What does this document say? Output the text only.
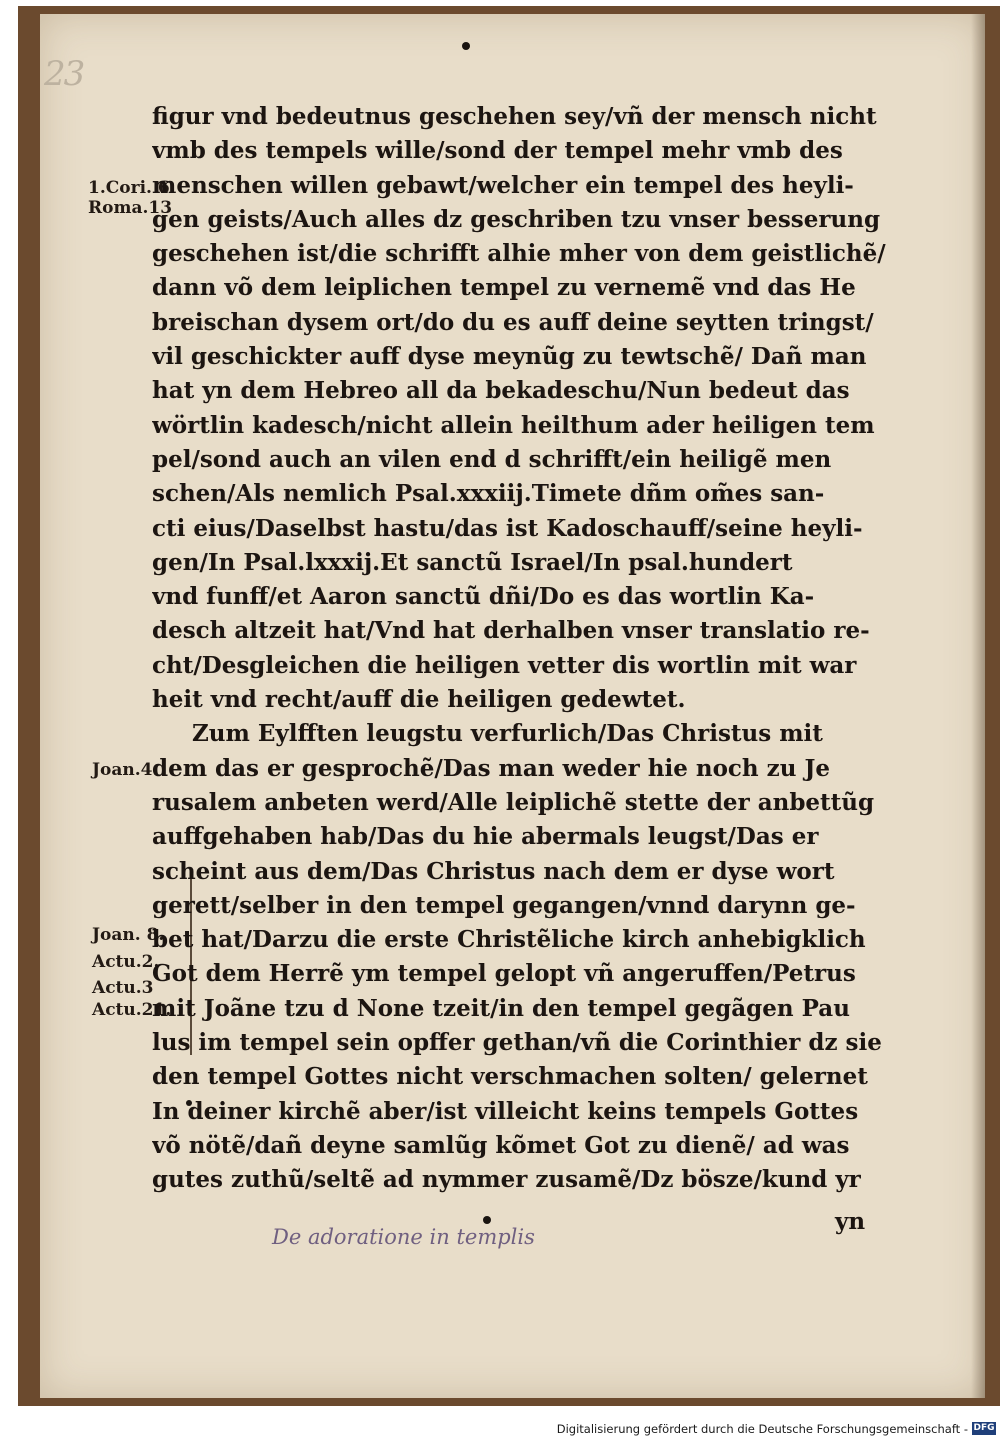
23
1.Cori. 6
Roma.13
Joan.4.
Joan. 8.
Actu.2.
Actu.3
Actu.21.
figur vnd bedeutnus geschehen sey/vñ der mensch nicht
vmb des tempels wille/sond der tempel mehr vmb des
menschen willen gebawt/welcher ein tempel des heyli-
gen geists/Auch alles dz geschriben tzu vnser besserung
geschehen ist/die schrifft alhie mher von dem geistlichẽ/
dann võ dem leiplichen tempel zu vernemẽ vnd das He
breischan dysem ort/do du es auff deine seytten tringst/
vil geschickter auff dyse meynũg zu tewtschẽ/ Dañ man
hat yn dem Hebreo all da bekadeschu/Nun bedeut das
wörtlin kadesch/nicht allein heilthum ader heiligen tem
pel/sond auch an vilen end d schrifft/ein heiligẽ men
schen/Als nemlich Psal.xxxiij.Timete dñm om̃es san-
cti eius/Daselbst hastu/das ist Kadoschauff/seine heyli-
gen/In Psal.lxxxij.Et sanctũ Israel/In psal.hundert
vnd funff/et Aaron sanctũ dñi/Do es das wortlin Ka-
desch altzeit hat/Vnd hat derhalben vnser translatio re-
cht/Desgleichen die heiligen vetter dis wortlin mit war
heit vnd recht/auff die heiligen gedewtet.
Zum Eylfften leugstu verfurlich/Das Christus mit
dem das er gesprochẽ/Das man weder hie noch zu Je
rusalem anbeten werd/Alle leiplichẽ stette der anbettũg
auffgehaben hab/Das du hie abermals leugst/Das er
scheint aus dem/Das Christus nach dem er dyse wort
gerett/selber in den tempel gegangen/vnnd darynn ge-
bet hat/Darzu die erste Christẽliche kirch anhebigklich
Got dem Herrẽ ym tempel gelopt vñ angeruffen/Petrus
mit Joãne tzu d None tzeit/in den tempel gegãgen Pau
lus im tempel sein opffer gethan/vñ die Corinthier dz sie
den tempel Gottes nicht verschmachen solten/ gelernet
In deiner kirchẽ aber/ist villeicht keins tempels Gottes
võ nötẽ/dañ deyne samlũg kõmet Got zu dienẽ/ ad was
gutes zuthũ/seltẽ ad nymmer zusamẽ/Dz bösze/kund yr
yn
De adoratione in templis
Digitalisierung gefördert durch die Deutsche Forschungsgemeinschaft - DFG
